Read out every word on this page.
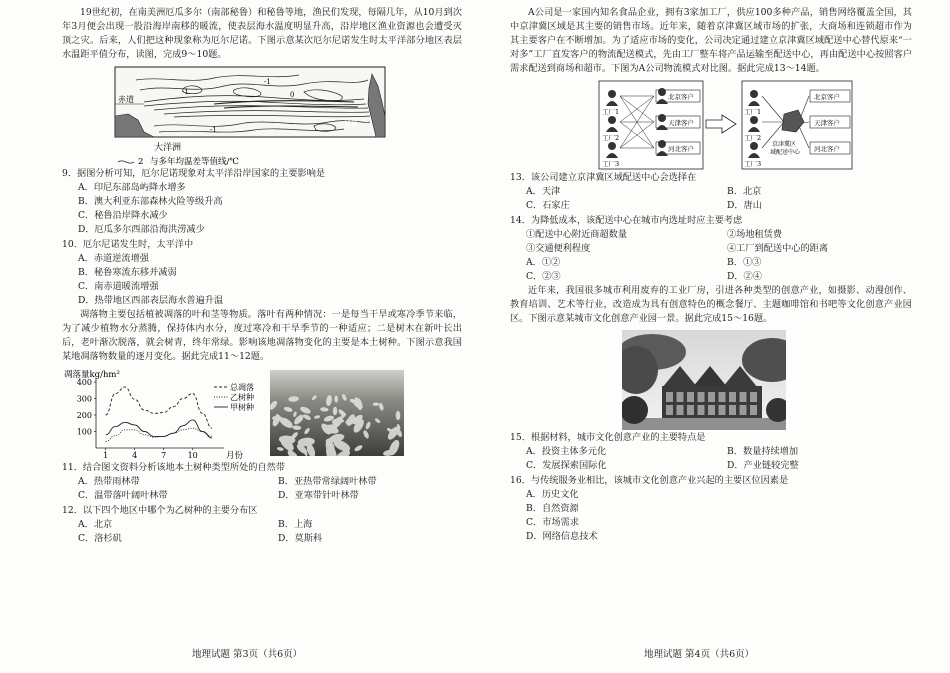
19世纪初，在南美洲厄瓜多尔（南部秘鲁）和秘鲁等地，渔民们发现，每隔几年，从10月到次年3月便会出现一股沿海岸南移的暖流，使表层海水温度明显升高，沿岸地区渔业资源也会遭受灭顶之灾。后来，人们把这种现象称为厄尔尼诺。下图示意某次厄尔尼诺发生时太平洋部分地区表层水温距平值分布，读图，完成9～10题。

赤道
秘鲁
-1
-1
-1
0
大洋洲
2 与多年均温差等值线/℃

9．据图分析可知，厄尔尼诺现象对太平洋沿岸国家的主要影响是

A．印尼东部岛屿降水增多

B．澳大利亚东部森林火险等级升高

C．秘鲁沿岸降水减少

D．厄瓜多尔西部沿海洪涝减少

10．厄尔尼诺发生时，太平洋中

A．赤道逆流增强

B．秘鲁寒流东移并减弱

C．南赤道暖流增强

D．热带地区西部表层海水普遍升温

凋落物主要包括植被凋落的叶和茎等物质。落叶有两种情况：一是每当干旱或寒冷季节来临，为了减少植物水分蒸腾，保持体内水分，度过寒冷和干旱季节的一种适应；二是树木在新叶长出后，老叶渐次脱落，就会树青，终年常绿。影响该地凋落物变化的主要是本土树种。下图示意我国某地凋落物数量的逐月变化。据此完成11～12题。

凋落量kg/hm²
100
200
300
400
1	4	7	10	月份
总凋落
乙树种
甲树种

11．结合图文资料分析该地本土树种类型所处的自然带

A．热带雨林带	B．亚热带常绿阔叶林带

C．温带落叶阔叶林带	D．亚寒带针叶林带

12．以下四个地区中哪个为乙树种的主要分布区

A．北京	B．上海

C．洛杉矶	D．莫斯科

地理试题 第3页（共6页）

A公司是一家国内知名食品企业，拥有3家加工厂，供应100多种产品，销售网络覆盖全国，其中京津冀区域是其主要的销售市场。近年来，随着京津冀区域市场的扩张，大商场和连锁超市作为其主要客户在不断增加。为了适应市场的变化，公司决定通过建立京津冀区域配送中心替代原来“一对多”工厂直发客户的物流配送模式，先由工厂整车将产品运输至配送中心，再由配送中心按照客户需求配送到商场和超市。下图为A公司物流模式对比图。据此完成13～14题。

工厂1
北京客户
工厂2
天津客户
工厂3
河北客户
工厂1
北京客户
工厂2
天津客户
工厂3
河北客户
京津冀区
域配送中心

13．该公司建立京津冀区域配送中心会选择在

A．天津	B．北京

C．石家庄	D．唐山

14．为降低成本，该配送中心在城市内选址时应主要考虑

①配送中心附近商超数量	②场地租赁费

③交通便利程度	④工厂到配送中心的距离

A．①②	B．①③

C．②③	D．②④

近年来，我国很多城市利用废弃的工业厂房，引进各种类型的创意产业，如摄影、动漫创作、教育培训、艺术等行业，改造成为具有创意特色的概念餐厅、主题咖啡馆和书吧等文化创意产业园区。下图示意某城市文化创意产业园一景。据此完成15～16题。

15．根据材料，城市文化创意产业的主要特点是

A．投资主体多元化	B．数量持续增加

C．发展探索国际化	D．产业链较完整

16．与传统服务业相比，该城市文化创意产业兴起的主要区位因素是

A．历史文化

B．自然资源

C．市场需求

D．网络信息技术

地理试题 第4页（共6页）
